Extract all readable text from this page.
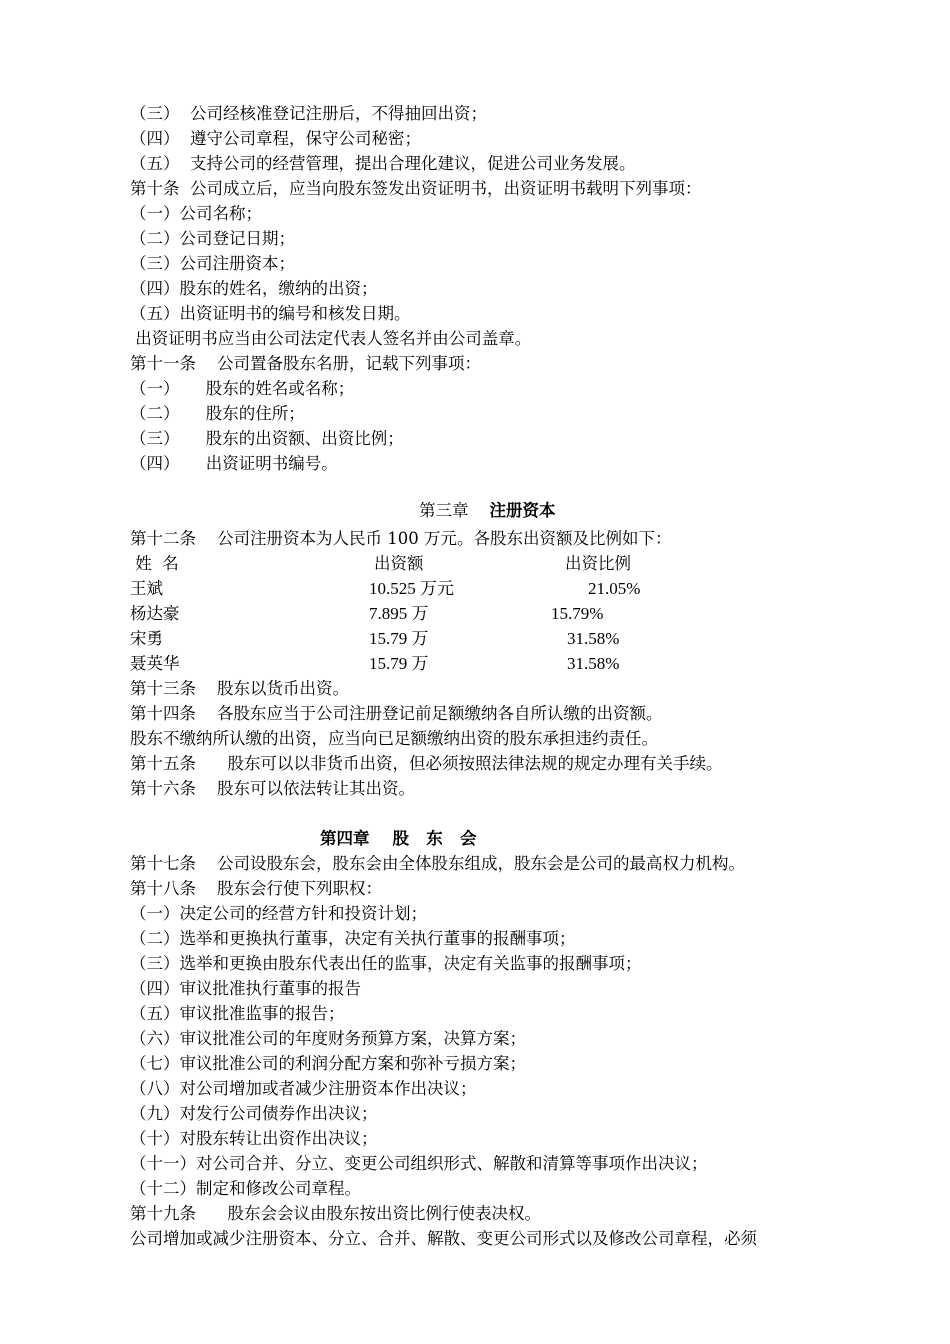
（三）  公司经核准登记注册后，不得抽回出资；
（四）  遵守公司章程，保守公司秘密；
（五）  支持公司的经营管理，提出合理化建议，促进公司业务发展。
第十条  公司成立后，应当向股东签发出资证明书，出资证明书载明下列事项：
（一）公司名称；
（二）公司登记日期；
（三）公司注册资本；
（四）股东的姓名，缴纳的出资；
（五）出资证明书的编号和核发日期。
出资证明书应当由公司法定代表人签名并由公司盖章。
第十一条    公司置备股东名册，记载下列事项：
（一）     股东的姓名或名称；
（二）     股东的住所；
（三）     股东的出资额、出资比例；
（四）     出资证明书编号。

第三章 注册资本

第十二条    公司注册资本为人民币 100 万元。各股东出资额及比例如下：
姓  名	出资额	出资比例
王斌	10.525 万元	21.05%
杨达豪	7.895 万	15.79%
宋勇	15.79 万	31.58%
聂英华	15.79 万	31.58%
第十三条    股东以货币出资。
第十四条    各股东应当于公司注册登记前足额缴纳各自所认缴的出资额。
股东不缴纳所认缴的出资，应当向已足额缴纳出资的股东承担违约责任。
第十五条      股东可以以非货币出资，但必须按照法律法规的规定办理有关手续。
第十六条    股东可以依法转让其出资。
第四章    股   东   会
第十七条    公司设股东会，股东会由全体股东组成，股东会是公司的最高权力机构。
第十八条    股东会行使下列职权：
（一）决定公司的经营方针和投资计划；
（二）选举和更换执行董事，决定有关执行董事的报酬事项；
（三）选举和更换由股东代表出任的监事，决定有关监事的报酬事项；
（四）审议批准执行董事的报告
（五）审议批准监事的报告；
（六）审议批准公司的年度财务预算方案，决算方案；
（七）审议批准公司的利润分配方案和弥补亏损方案；
（八）对公司增加或者减少注册资本作出决议；
（九）对发行公司债券作出决议；
（十）对股东转让出资作出决议；
（十一）对公司合并、分立、变更公司组织形式、解散和清算等事项作出决议；
（十二）制定和修改公司章程。
第十九条      股东会会议由股东按出资比例行使表决权。
公司增加或减少注册资本、分立、合并、解散、变更公司形式以及修改公司章程，必须
